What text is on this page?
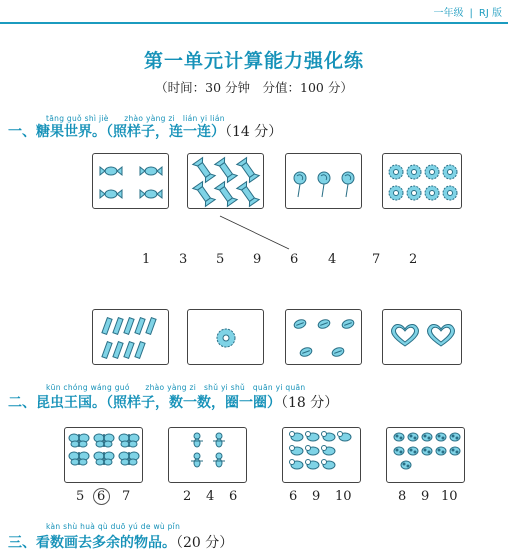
一年级 | RJ 版
第一单元计算能力强化练
（时间：30 分钟　分值：100 分）
tāng guǒ shì jiè　　zhào yàng zi　lián yi lián
一、糖果世界。（照样子，连一连）（14 分）
1 3 5 9 6 4	7 2
kūn chóng wáng guó　　zhào yàng zi　shǔ yi shǔ　quān yi quān
二、昆虫王国。（照样子，数一数，圈一圈）（18 分）
5 6 7	2 4 6	6 9 10	8 9 10
kàn shù huà qù duō yú de wù pǐn
三、看数画去多余的物品。（20 分）
